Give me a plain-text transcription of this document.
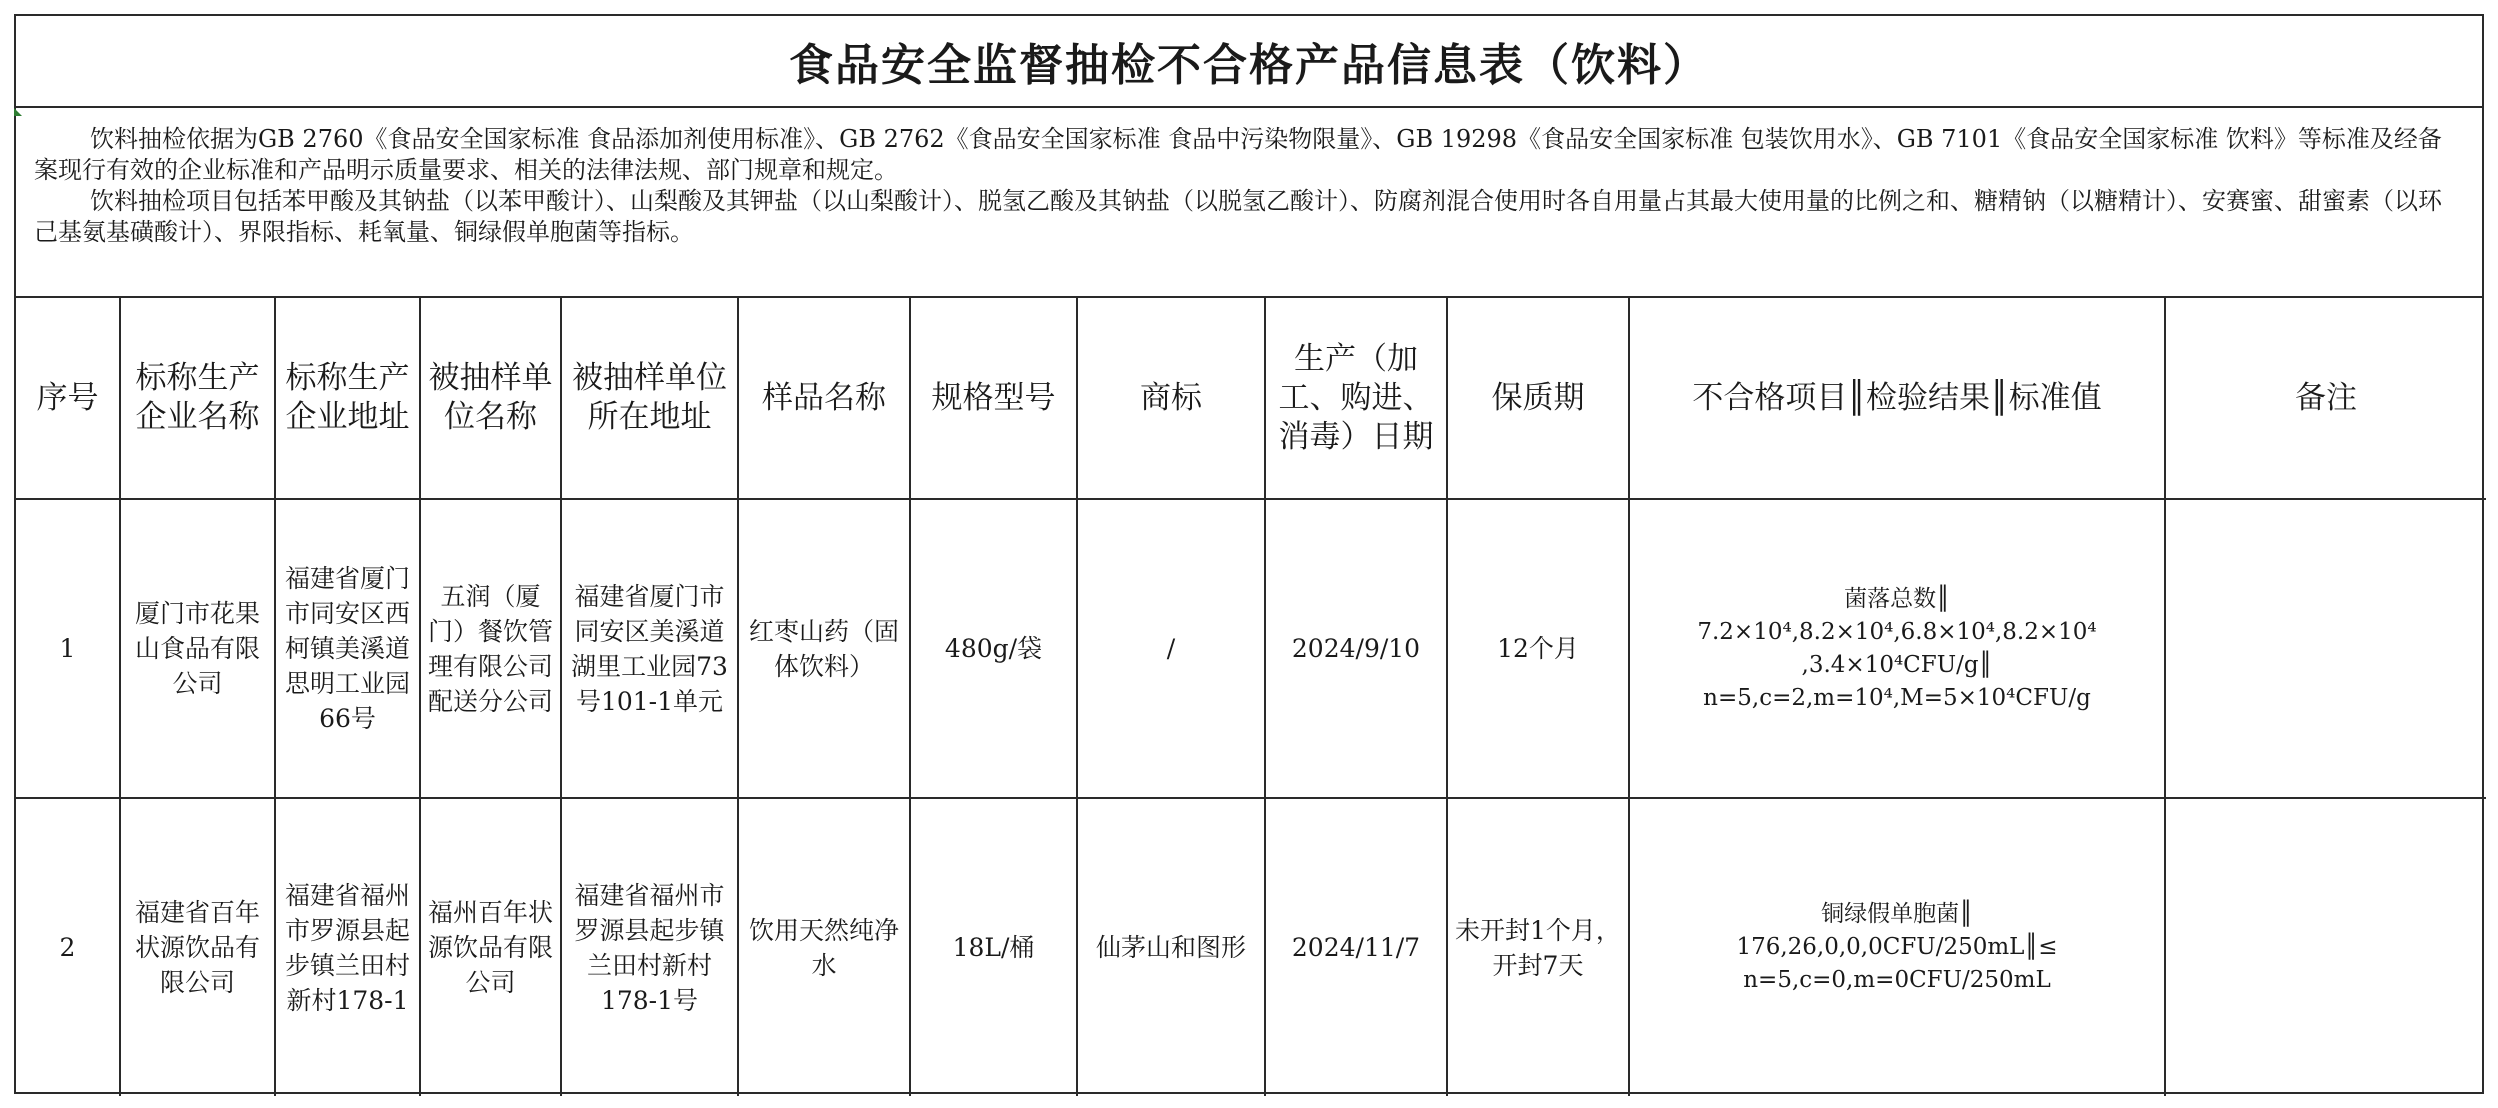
食品安全监督抽检不合格产品信息表（饮料）

饮料抽检依据为GB 2760《食品安全国家标准 食品添加剂使用标准》、GB 2762《食品安全国家标准 食品中污染物限量》、GB 19298《食品安全国家标准 包装饮用水》、GB 7101《食品安全国家标准 饮料》等标准及经备案现行有效的企业标准和产品明示质量要求、相关的法律法规、部门规章和规定。

饮料抽检项目包括苯甲酸及其钠盐（以苯甲酸计）、山梨酸及其钾盐（以山梨酸计）、脱氢乙酸及其钠盐（以脱氢乙酸计）、防腐剂混合使用时各自用量占其最大使用量的比例之和、糖精钠（以糖精计）、安赛蜜、甜蜜素（以环己基氨基磺酸计）、界限指标、耗氧量、铜绿假单胞菌等指标。

序号	标称生产企业名称	标称生产企业地址	被抽样单位名称	被抽样单位所在地址	样品名称	规格型号	商标	生产（加工、购进、消毒）日期	保质期	不合格项目║检验结果║标准值	备注
1	厦门市花果山食品有限公司	福建省厦门市同安区西柯镇美溪道思明工业园66号	五润（厦门）餐饮管理有限公司配送分公司	福建省厦门市同安区美溪道湖里工业园73号101-1单元	红枣山药（固体饮料）	480g/袋	/	2024/9/10	12个月	菌落总数║
7.2×10⁴,8.2×10⁴,6.8×10⁴,8.2×10⁴
,3.4×10⁴CFU/g║
n=5,c=2,m=10⁴,M=5×10⁴CFU/g	

2	福建省百年状源饮品有限公司	福建省福州市罗源县起步镇兰田村新村178-1	福州百年状源饮品有限公司	福建省福州市罗源县起步镇兰田村新村178-1号	饮用天然纯净水	18L/桶	仙茅山和图形	2024/11/7	未开封1个月，开封7天	铜绿假单胞菌║
176,26,0,0,0CFU/250mL║≤
n=5,c=0,m=0CFU/250mL	
